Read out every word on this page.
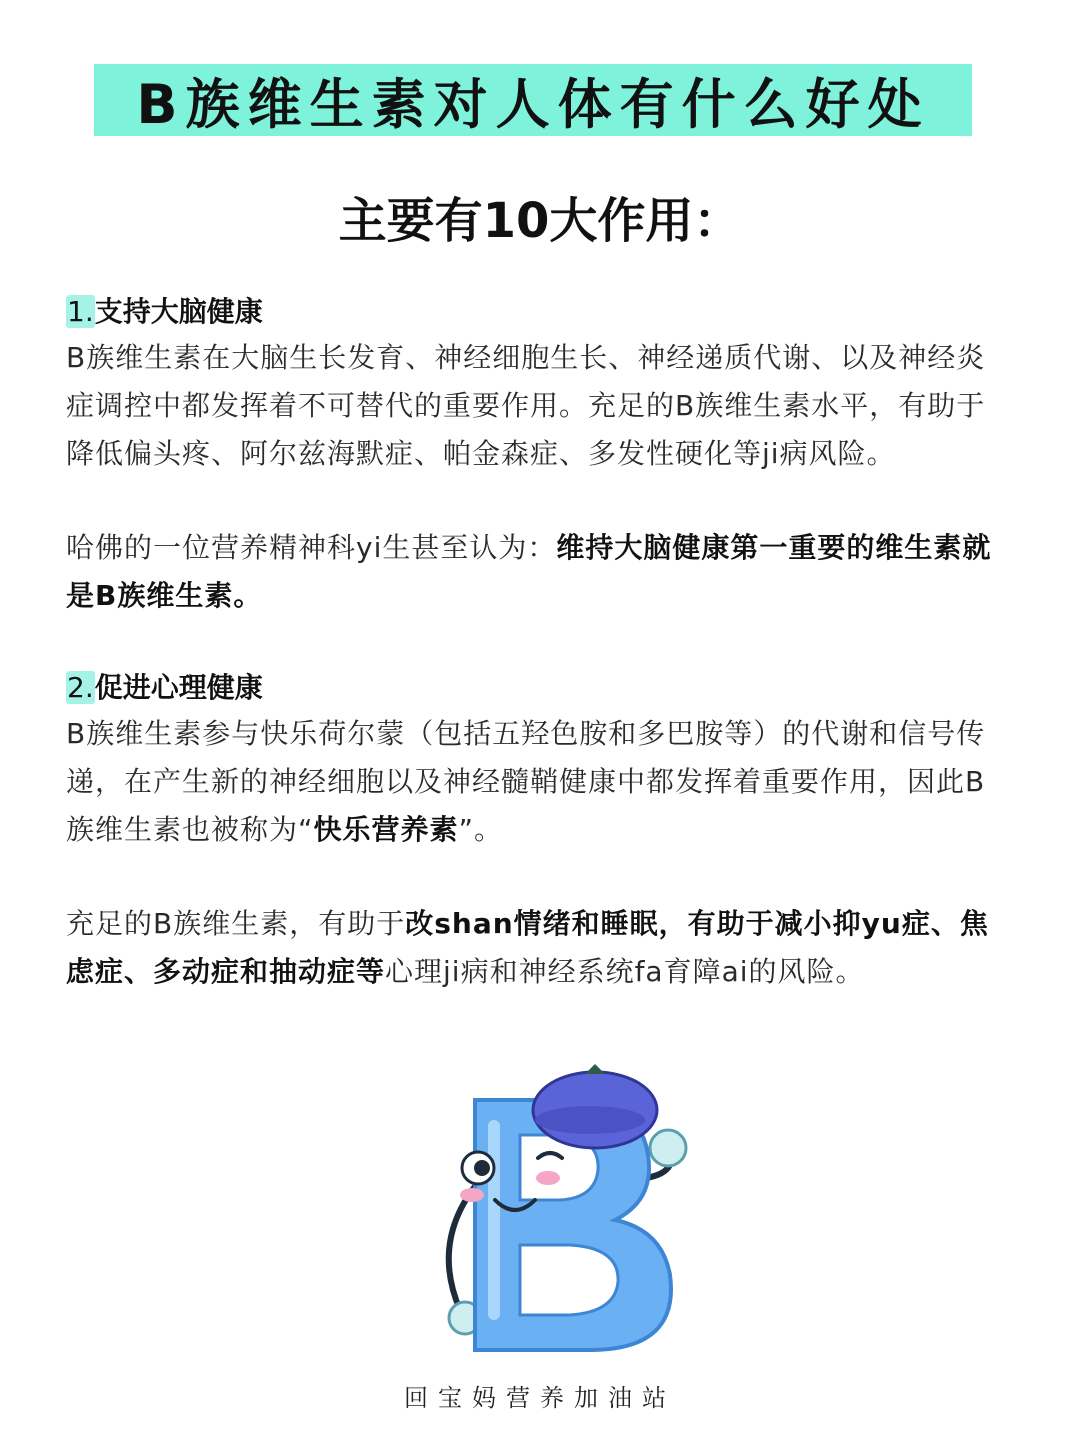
B族维生素对人体有什么好处
主要有10大作用：
1.支持大脑健康

B族维生素在大脑生长发育、神经细胞生长、神经递质代谢、以及神经炎症调控中都发挥着不可替代的重要作用。充足的B族维生素水平，有助于降低偏头疼、阿尔兹海默症、帕金森症、多发性硬化等ji病风险。

哈佛的一位营养精神科yi生甚至认为：维持大脑健康第一重要的维生素就是B族维生素。

2.促进心理健康

B族维生素参与快乐荷尔蒙（包括五羟色胺和多巴胺等）的代谢和信号传递，在产生新的神经细胞以及神经髓鞘健康中都发挥着重要作用，因此B族维生素也被称为“快乐营养素”。

充足的B族维生素，有助于改shan情绪和睡眠，有助于减小抑yu症、焦虑症、多动症和抽动症等心理ji病和神经系统fa育障ai的风险。

回宝妈营养加油站
